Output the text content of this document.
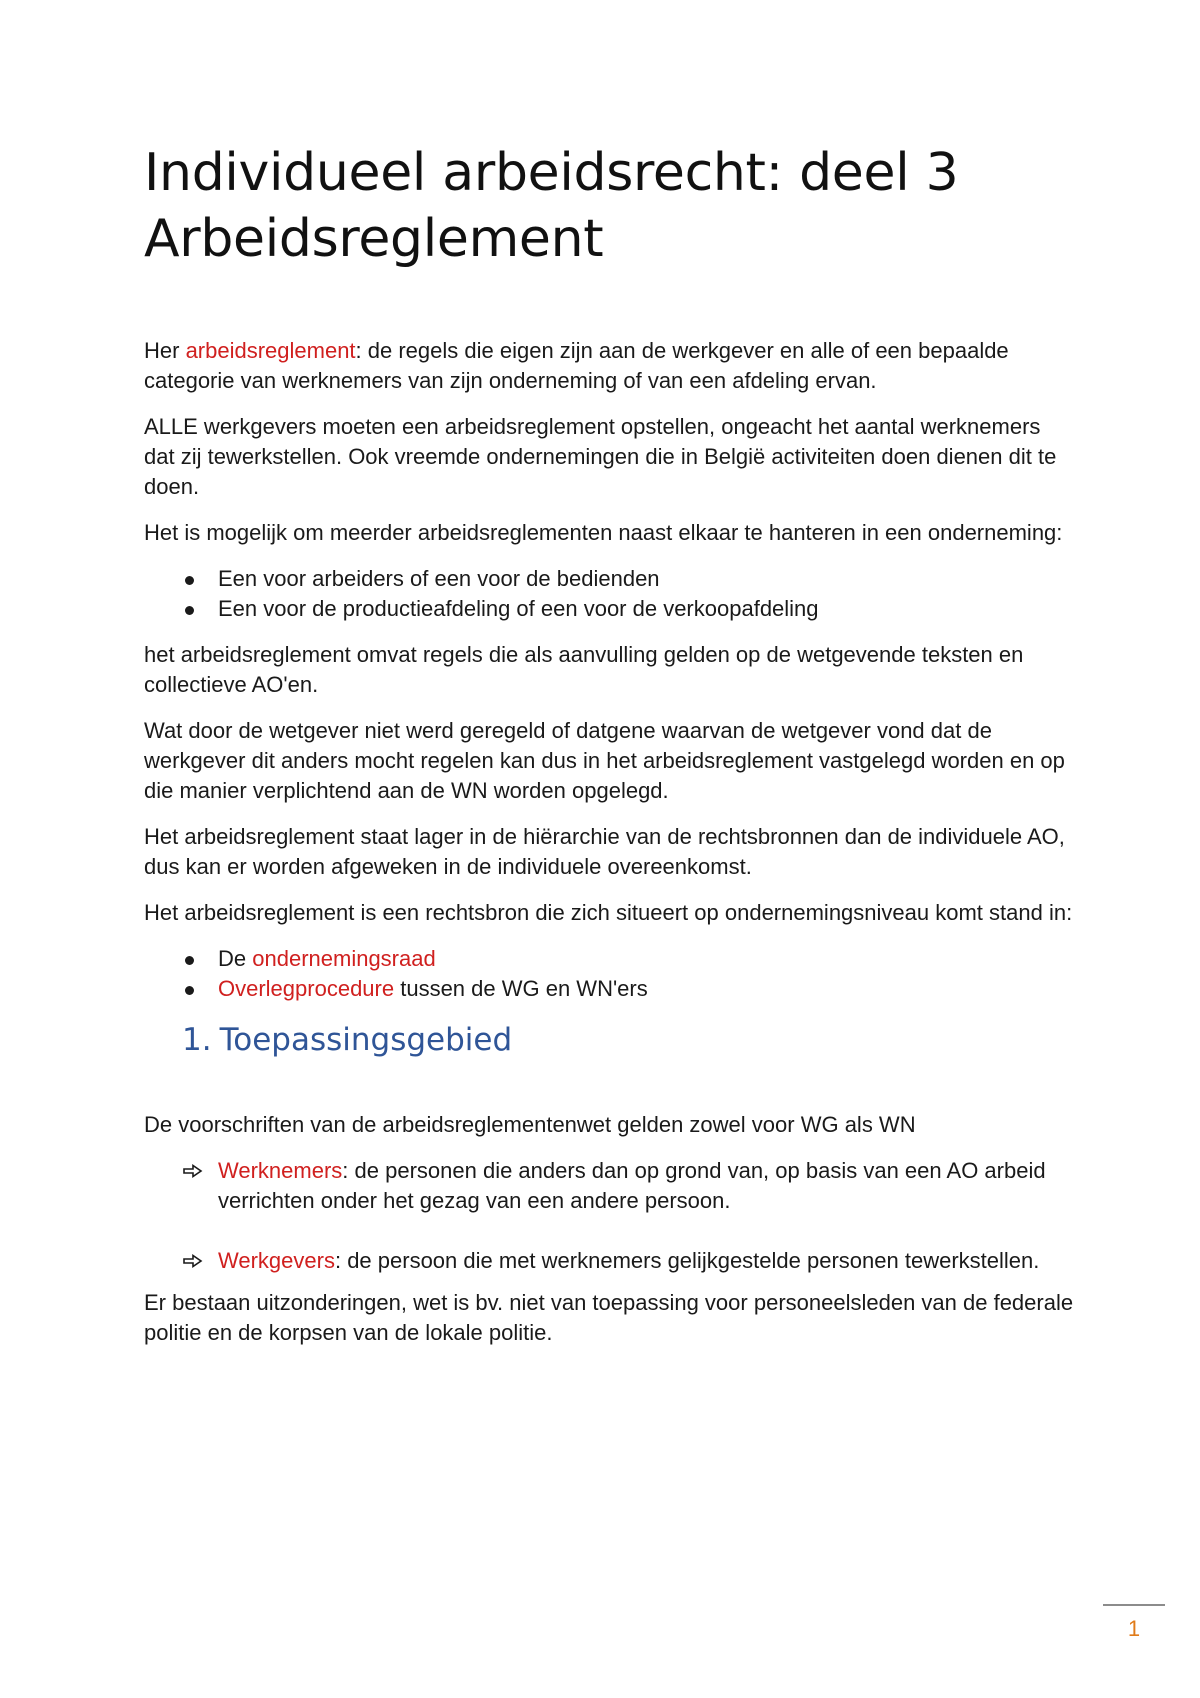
Individueel arbeidsrecht: deel 3
Arbeidsreglement

Her arbeidsreglement: de regels die eigen zijn aan de werkgever en alle of een bepaalde categorie van werknemers van zijn onderneming of van een afdeling ervan.

ALLE werkgevers moeten een arbeidsreglement opstellen, ongeacht het aantal werknemers dat zij tewerkstellen. Ook vreemde ondernemingen die in België activiteiten doen dienen dit te doen.

Het is mogelijk om meerder arbeidsreglementen naast elkaar te hanteren in een onderneming:

Een voor arbeiders of een voor de bedienden
Een voor de productieafdeling of een voor de verkoopafdeling

het arbeidsreglement omvat regels die als aanvulling gelden op de wetgevende teksten en collectieve AO'en.

Wat door de wetgever niet werd geregeld of datgene waarvan de wetgever vond dat de werkgever dit anders mocht regelen kan dus in het arbeidsreglement vastgelegd worden en op die manier verplichtend aan de WN worden opgelegd.

Het arbeidsreglement staat lager in de hiërarchie van de rechtsbronnen dan de individuele AO, dus kan er worden afgeweken in de individuele overeenkomst.

Het arbeidsreglement is een rechtsbron die zich situeert op ondernemingsniveau komt stand in:

De ondernemingsraad
Overlegprocedure tussen de WG en WN'ers
1. Toepassingsgebied

De voorschriften van de arbeidsreglementenwet gelden zowel voor WG als WN

Werknemers: de personen die anders dan op grond van, op basis van een AO arbeid verrichten onder het gezag van een andere persoon.
Werkgevers: de persoon die met werknemers gelijkgestelde personen tewerkstellen.

Er bestaan uitzonderingen, wet is bv. niet van toepassing voor personeelsleden van de federale politie en de korpsen van de lokale politie.

1
